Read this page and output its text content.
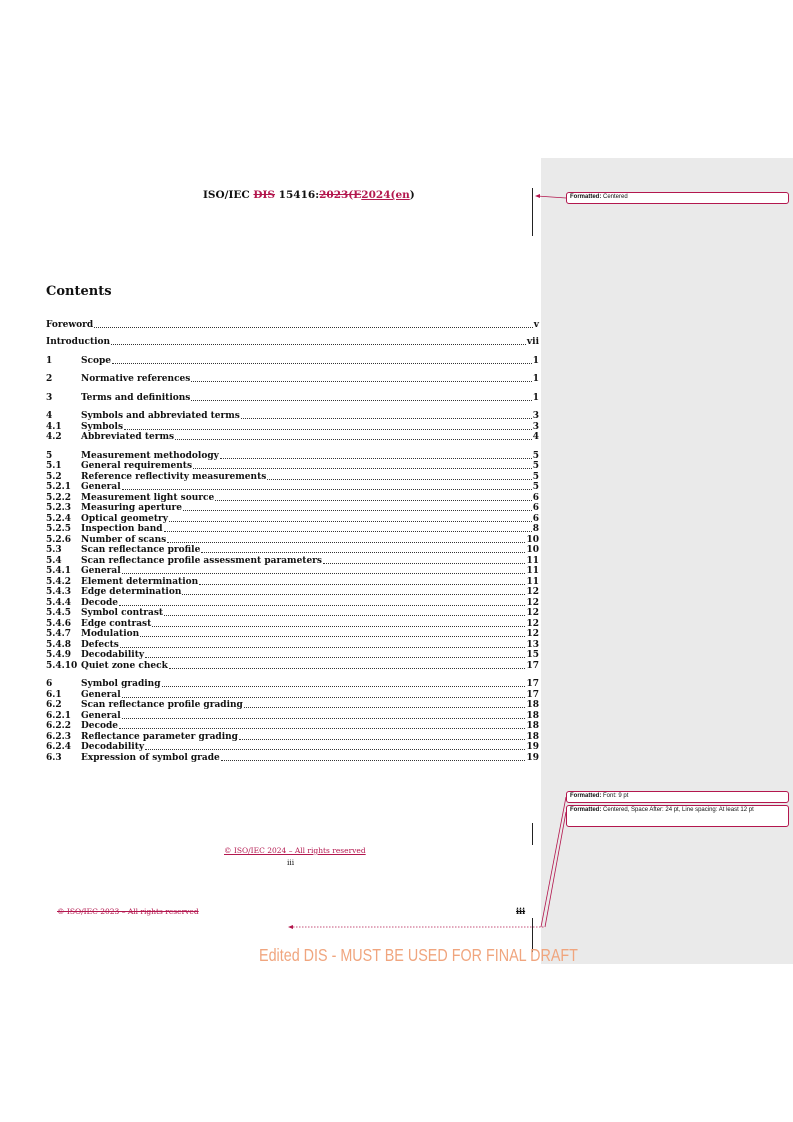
ISO/IEC DIS 15416:2023(E2024(en)
Contents
Foreword	v
Introduction	vii
1	Scope	1
2	Normative references	1
3	Terms and definitions	1
4	Symbols and abbreviated terms	3
4.1	Symbols	3
4.2	Abbreviated terms	4
5	Measurement methodology	5
5.1	General requirements	5
5.2	Reference reflectivity measurements	5
5.2.1	General	5
5.2.2	Measurement light source	6
5.2.3	Measuring aperture	6
5.2.4	Optical geometry	6
5.2.5	Inspection band	8
5.2.6	Number of scans	10
5.3	Scan reflectance profile	10
5.4	Scan reflectance profile assessment parameters	11
5.4.1	General	11
5.4.2	Element determination	11
5.4.3	Edge determination	12
5.4.4	Decode	12
5.4.5	Symbol contrast	12
5.4.6	Edge contrast	12
5.4.7	Modulation	12
5.4.8	Defects	13
5.4.9	Decodability	15
5.4.10 Quiet zone check	17
6	Symbol grading	17
6.1	General	17
6.2	Scan reflectance profile grading	18
6.2.1	General	18
6.2.2	Decode	18
6.2.3	Reflectance parameter grading	18
6.2.4	Decodability	19
6.3	Expression of symbol grade	19
© ISO/IEC 2024 – All rights reserved
iii
© ISO/IEC 2023 – All rights reserved	iii
Edited DIS - MUST BE USED FOR FINAL DRAFT
Formatted: Centered
Formatted: Font: 9 pt
Formatted: Centered, Space After: 24 pt, Line spacing: At least 12 pt
